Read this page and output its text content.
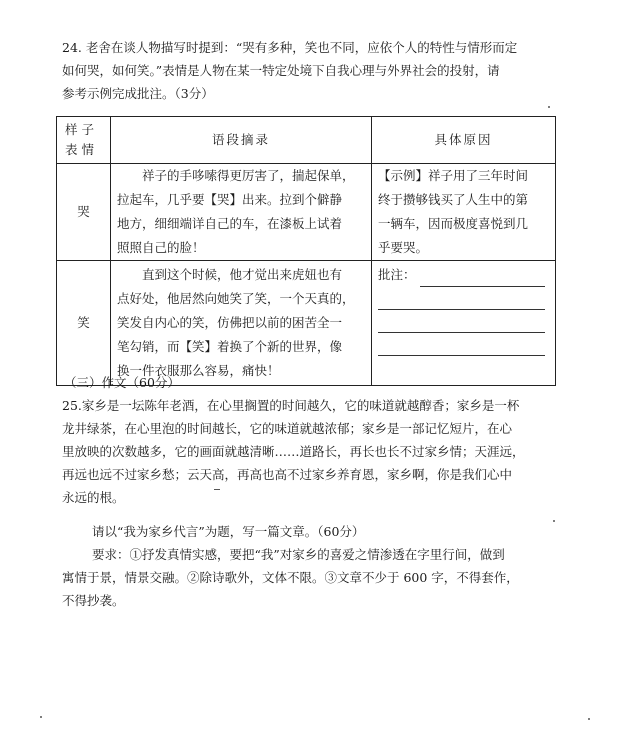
24. 老舍在谈人物描写时提到：“哭有多种，笑也不同，应依个人的特性与情形而定
如何哭，如何笑。”表情是人物在某一特定处境下自我心理与外界社会的投射，请
参考示例完成批注。（3分）
样 子
表 情	语段摘录	具体原因
哭	祥子的手哆嗦得更厉害了，揣起保单，
拉起车，几乎要【哭】出来。拉到个僻静
地方，细细端详自己的车，在漆板上试着
照照自己的脸！	【示例】祥子用了三年时间
终于攒够钱买了人生中的第
一辆车，因而极度喜悦到几
乎要哭。

笑	直到这个时候，他才觉出来虎妞也有
点好处，他居然向她笑了笑，一个天真的，
笑发自内心的笑，仿佛把以前的困苦全一
笔勾销，而【笑】着换了个新的世界，像
换一件衣服那么容易，痛快！	批注：
（三）作文（60分）
25.家乡是一坛陈年老酒，在心里搁置的时间越久，它的味道就越醇香；家乡是一杯
龙井绿茶，在心里泡的时间越长，它的味道就越浓郁；家乡是一部记忆短片，在心
里放映的次数越多，它的画面就越清晰……道路长，再长也长不过家乡情；天涯远，
再远也远不过家乡愁；云天高，再高也高不过家乡养育恩，家乡啊，你是我们心中
永远的根。
请以“我为家乡代言”为题，写一篇文章。（60分）
要求：①抒发真情实感，要把“我”对家乡的喜爱之情渗透在字里行间，做到
寓情于景，情景交融。②除诗歌外，文体不限。③文章不少于 600 字，不得套作，
不得抄袭。
